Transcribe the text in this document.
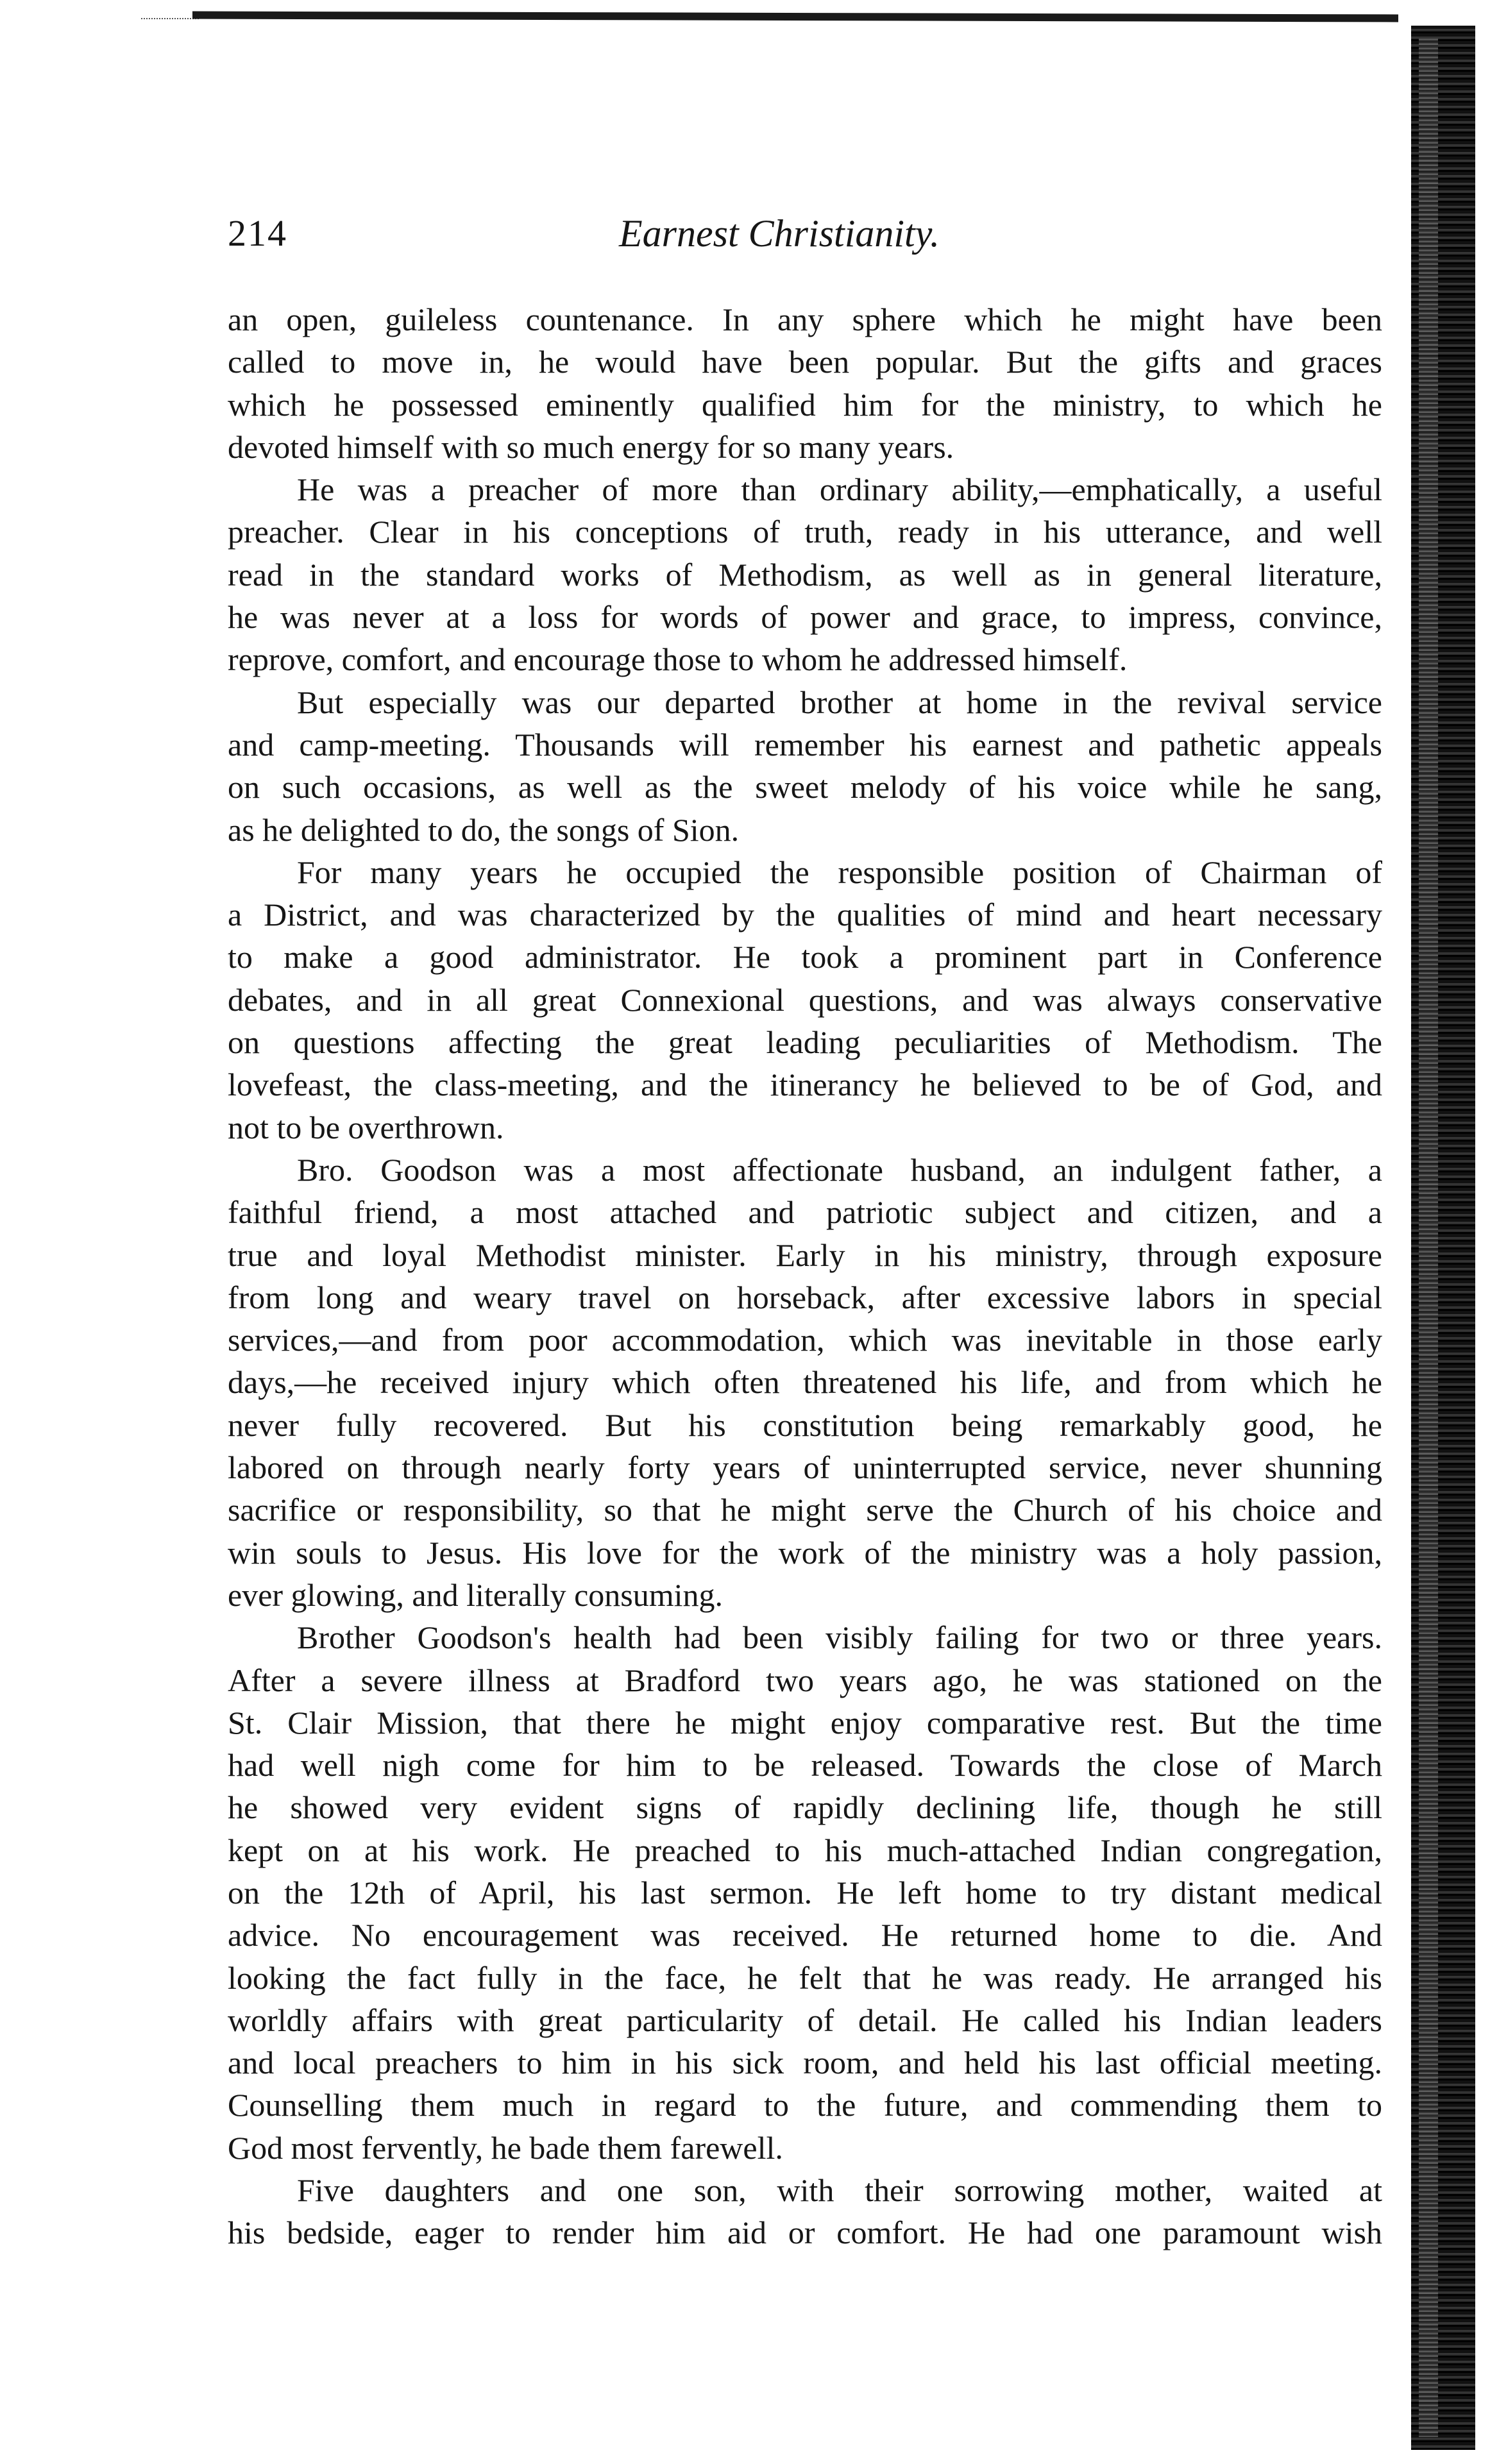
214	Earnest Christianity.
an open, guileless countenance. In any sphere which he might have been
called to move in, he would have been popular. But the gifts and graces
which he possessed eminently qualified him for the ministry, to which he
devoted himself with so much energy for so many years.
He was a preacher of more than ordinary ability,—emphatically, a useful
preacher. Clear in his conceptions of truth, ready in his utterance, and well
read in the standard works of Methodism, as well as in general literature,
he was never at a loss for words of power and grace, to impress, convince,
reprove, comfort, and encourage those to whom he addressed himself.
But especially was our departed brother at home in the revival service
and camp-meeting. Thousands will remember his earnest and pathetic appeals
on such occasions, as well as the sweet melody of his voice while he sang,
as he delighted to do, the songs of Sion.
For many years he occupied the responsible position of Chairman of
a District, and was characterized by the qualities of mind and heart necessary
to make a good administrator. He took a prominent part in Conference
debates, and in all great Connexional questions, and was always conservative
on questions affecting the great leading peculiarities of Methodism. The
lovefeast, the class-meeting, and the itinerancy he believed to be of God, and
not to be overthrown.
Bro. Goodson was a most affectionate husband, an indulgent father, a
faithful friend, a most attached and patriotic subject and citizen, and a
true and loyal Methodist minister. Early in his ministry, through exposure
from long and weary travel on horseback, after excessive labors in special
services,—and from poor accommodation, which was inevitable in those early
days,—he received injury which often threatened his life, and from which he
never fully recovered. But his constitution being remarkably good, he
labored on through nearly forty years of uninterrupted service, never shunning
sacrifice or responsibility, so that he might serve the Church of his choice and
win souls to Jesus. His love for the work of the ministry was a holy passion,
ever glowing, and literally consuming.
Brother Goodson's health had been visibly failing for two or three years.
After a severe illness at Bradford two years ago, he was stationed on the
St. Clair Mission, that there he might enjoy comparative rest. But the time
had well nigh come for him to be released. Towards the close of March
he showed very evident signs of rapidly declining life, though he still
kept on at his work. He preached to his much-attached Indian congregation,
on the 12th of April, his last sermon. He left home to try distant medical
advice. No encouragement was received. He returned home to die. And
looking the fact fully in the face, he felt that he was ready. He arranged his
worldly affairs with great particularity of detail. He called his Indian leaders
and local preachers to him in his sick room, and held his last official meeting.
Counselling them much in regard to the future, and commending them to
God most fervently, he bade them farewell.
Five daughters and one son, with their sorrowing mother, waited at
his bedside, eager to render him aid or comfort. He had one paramount wish
